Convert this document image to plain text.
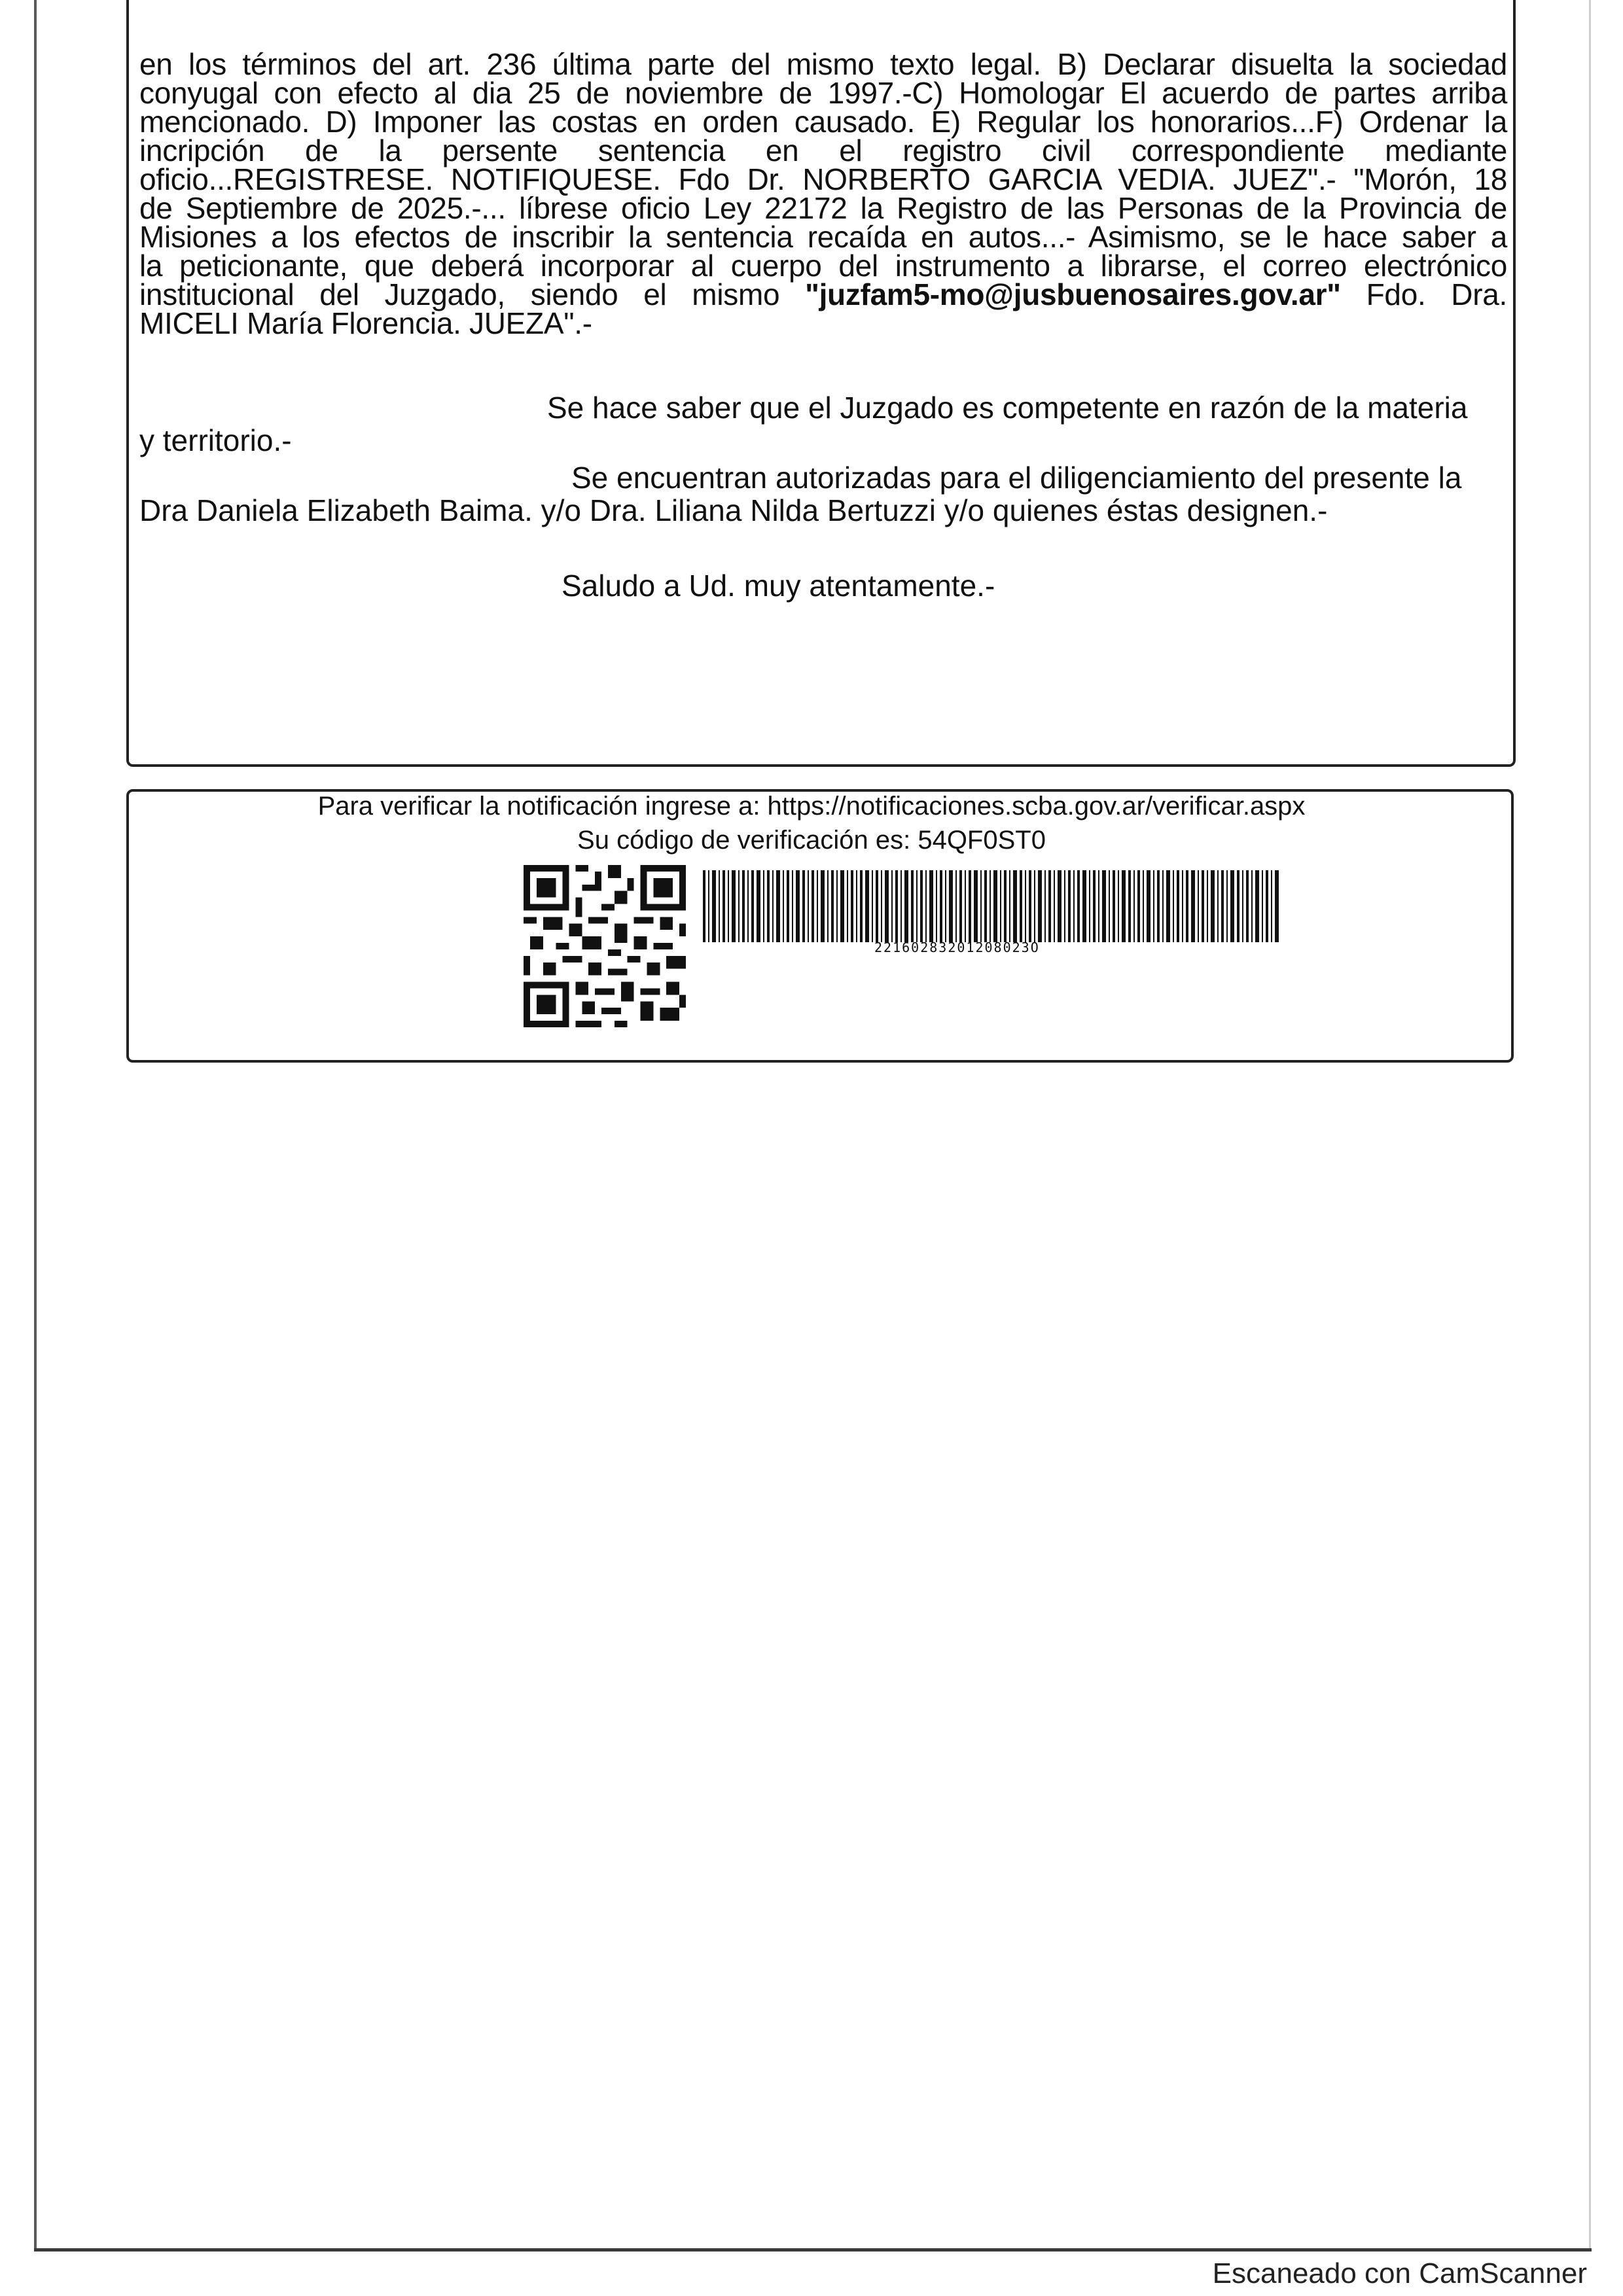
en los términos del art. 236 última parte del mismo texto legal. B) Declarar disuelta la sociedad
conyugal con efecto al dia 25 de noviembre de 1997.-C) Homologar El acuerdo de partes arriba
mencionado. D) Imponer las costas en orden causado. E) Regular los honorarios...F) Ordenar la
incripción de la persente sentencia en el registro civil correspondiente mediante
oficio...REGISTRESE. NOTIFIQUESE. Fdo Dr. NORBERTO GARCIA VEDIA. JUEZ".- "Morón, 18
de Septiembre de 2025.-... líbrese oficio Ley 22172 la Registro de las Personas de la Provincia de
Misiones a los efectos de inscribir la sentencia recaída en autos...- Asimismo, se le hace saber a
la peticionante, que deberá incorporar al cuerpo del instrumento a librarse, el correo electrónico
institucional del Juzgado, siendo el mismo "juzfam5-mo@jusbuenosaires.gov.ar" Fdo. Dra.
MICELI María Florencia. JUEZA".-
Se hace saber que el Juzgado es competente en razón de la materia
y territorio.-
Se encuentran autorizadas para el diligenciamiento del presente la
Dra Daniela Elizabeth Baima. y/o Dra. Liliana Nilda Bertuzzi y/o quienes éstas designen.-
Saludo a Ud. muy atentamente.-
Para verificar la notificación ingrese a: https://notificaciones.scba.gov.ar/verificar.aspx
Su código de verificación es: 54QF0ST0
22160283201208023O
Escaneado con CamScanner
